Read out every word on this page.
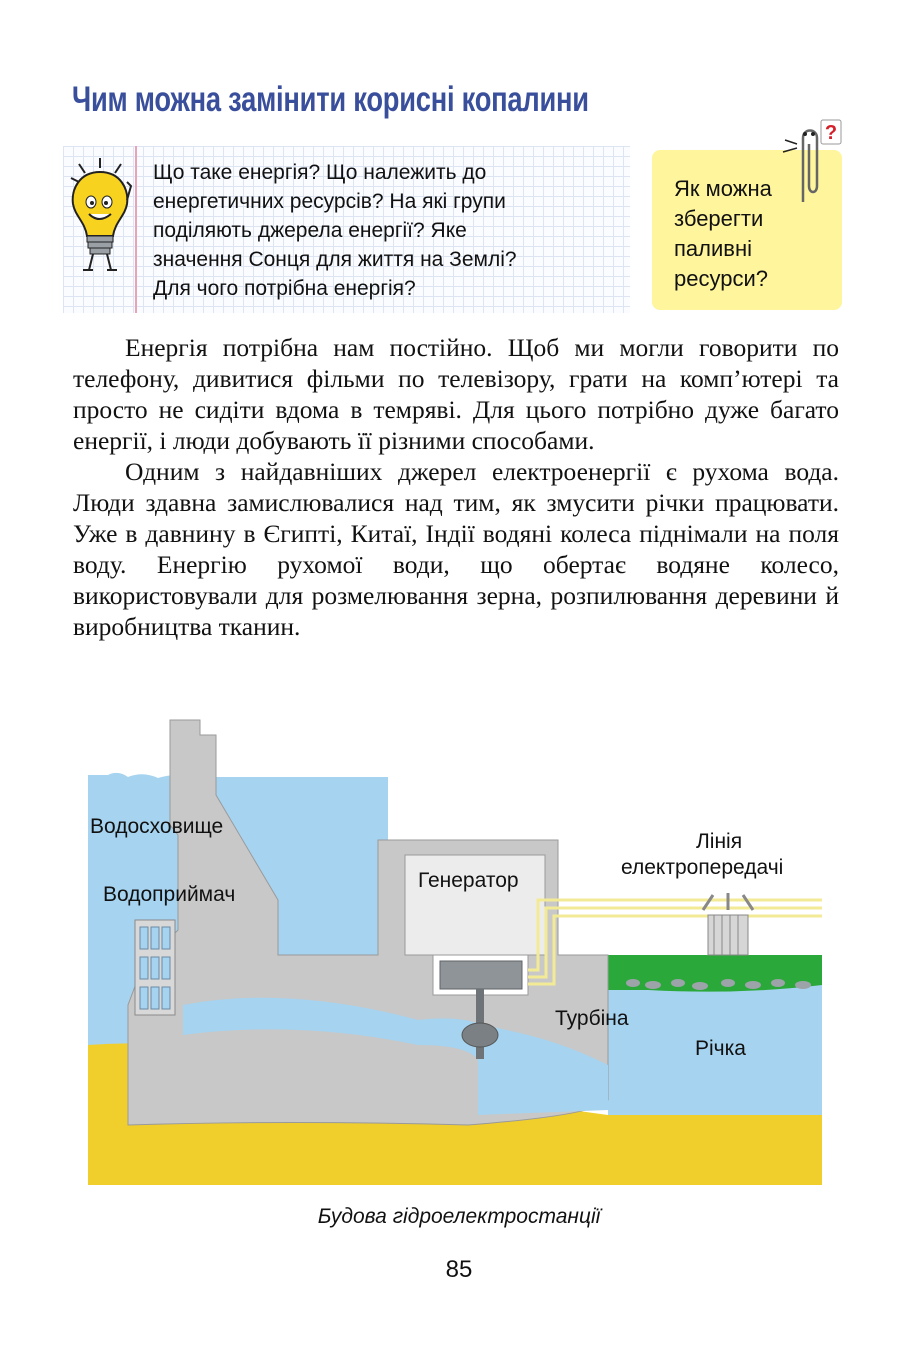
Чим можна замінити корисні копалини
Що таке енергія? Що належить до
енергетичних ресурсів? На які групи
поділяють джерела енергії? Яке
значення Сонця для життя на Землі?
Для чого потрібна енергія?
Як можна
зберегти
паливні
ресурси?
?

Енергія потрібна нам постійно. Щоб ми могли говорити по телефону, дивитися фільми по телевізору, грати на комп’ютері та просто не сидіти вдома в темряві. Для цього потрібно дуже багато енергії, і люди добувають її різними способами.

Одним з найдавніших джерел електроенергії є рухома вода. Люди здавна замислювалися над тим, як змусити річки працювати. Уже в давнину в Єгипті, Китаї, Індії водяні колеса піднімали на поля воду. Енергію рухомої води, що обертає водяне колесо, використовували для розмелювання зерна, розпилювання деревини й виробництва тканин.

Водосховище
Водоприймач
Генератор
Лінія
електропередачі
Турбіна
Річка
Будова гідроелектростанції
85
